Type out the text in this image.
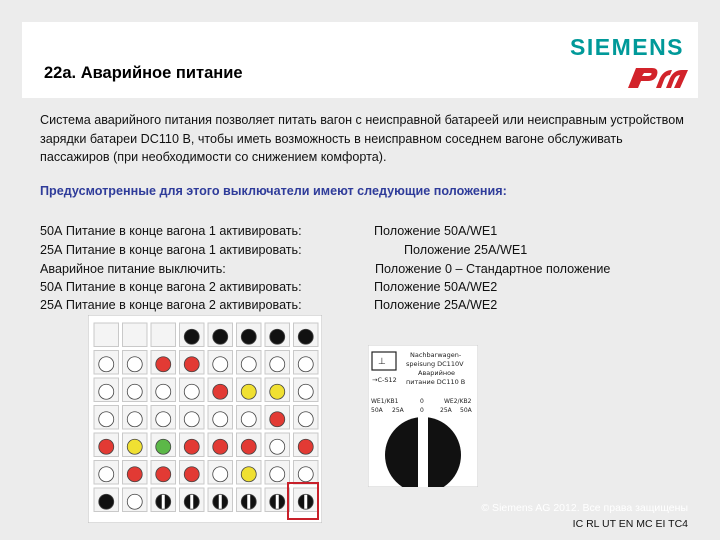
22a. Аварийное питание
SIEMENS
Система аварийного питания позволяет питать вагон с неисправной батареей или неисправным устройством зарядки батареи DC110 В, чтобы иметь возможность в неисправном соседнем вагоне обслуживать пассажиров (при необходимости со снижением комфорта).
Предусмотренные для этого выключатели имеют следующие положения:
50А Питание в конце вагона 1 активировать:	Положение 50A/WE1
25А Питание в конце вагона 1 активировать:	Положение 25A/WE1
Аварийное питание выключить:	Положение 0 – Стандартное положение
50А Питание в конце вагона 2 активировать:	Положение 50A/WE2
25А Питание в конце вагона 2 активировать:	Положение 25A/WE2
⊥
→C-S12
Nachbarwagen-
speisung DC110V
Аварийное
питание DC110 В
WE1/KB1	0	WE2/KB2
50A 25A	0	25A 50A
© Siemens AG 2012. Все права защищены
IC RL UT EN MC EI TC4
